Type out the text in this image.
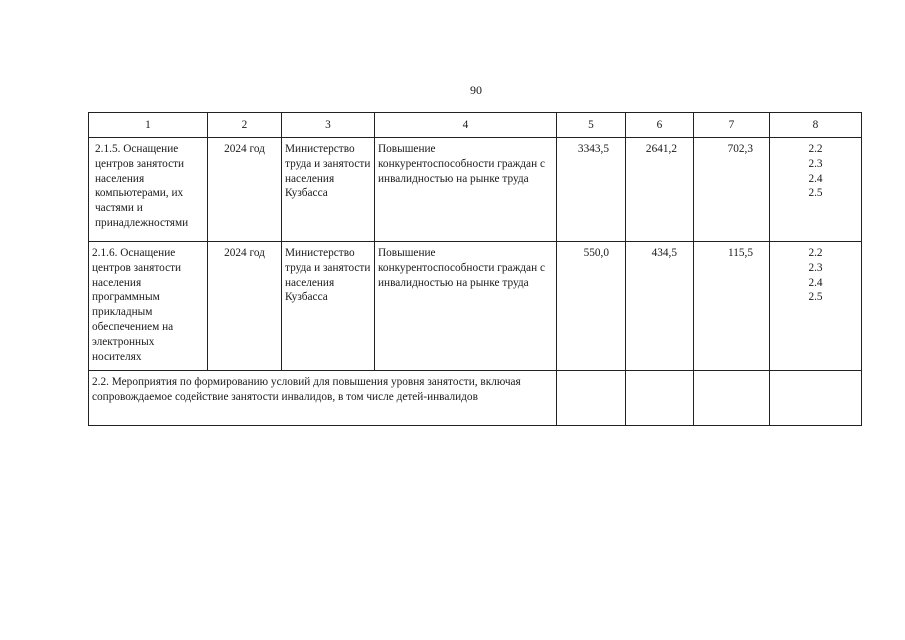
90
1	2	3	4	5	6	7	8
2.1.5. Оснащение центров занятости населения компьютерами, их частями и принадлежностями	2024 год	Министерство труда и занятости населения Кузбасса	Повышение конкурентоспособности граждан с инвалидностью на рынке труда	3343,5	2641,2	702,3	2.2
2.3
2.4
2.5

2.1.6. Оснащение центров занятости населения программным прикладным обеспечением на электронных носителях	2024 год	Министерство труда и занятости населения Кузбасса	Повышение конкурентоспособности граждан с инвалидностью на рынке труда	550,0	434,5	115,5	2.2
2.3
2.4
2.5

2.2. Мероприятия по формированию условий для повышения уровня занятости, включая сопровождаемое содействие занятости инвалидов, в том числе детей-инвалидов							
